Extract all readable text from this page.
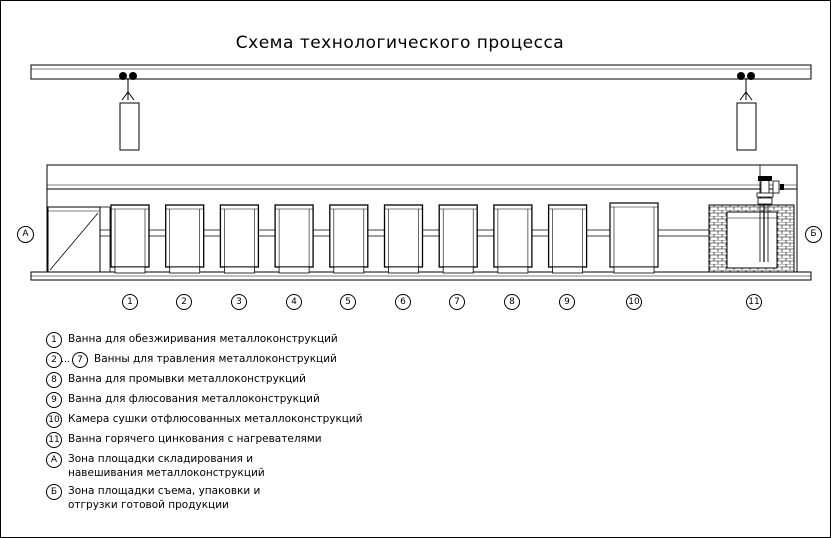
Схема технологического процесса
А	Б
1	2	3	4	5	6	7	8	9	10	11
1	Ванна для обезжиривания металлоконструкций
2 … 7	Ванны для травления металлоконструкций
8	Ванна для промывки металлоконструкций
9	Ванна для флюсования металлоконструкций
10 Камера сушки отфлюсованных металлоконструкций
11 Ванна горячего цинкования с нагревателями
А	Зона площадки складирования и
навешивания металлоконструкций
Б	Зона площадки съема, упаковки и
отгрузки готовой продукции
